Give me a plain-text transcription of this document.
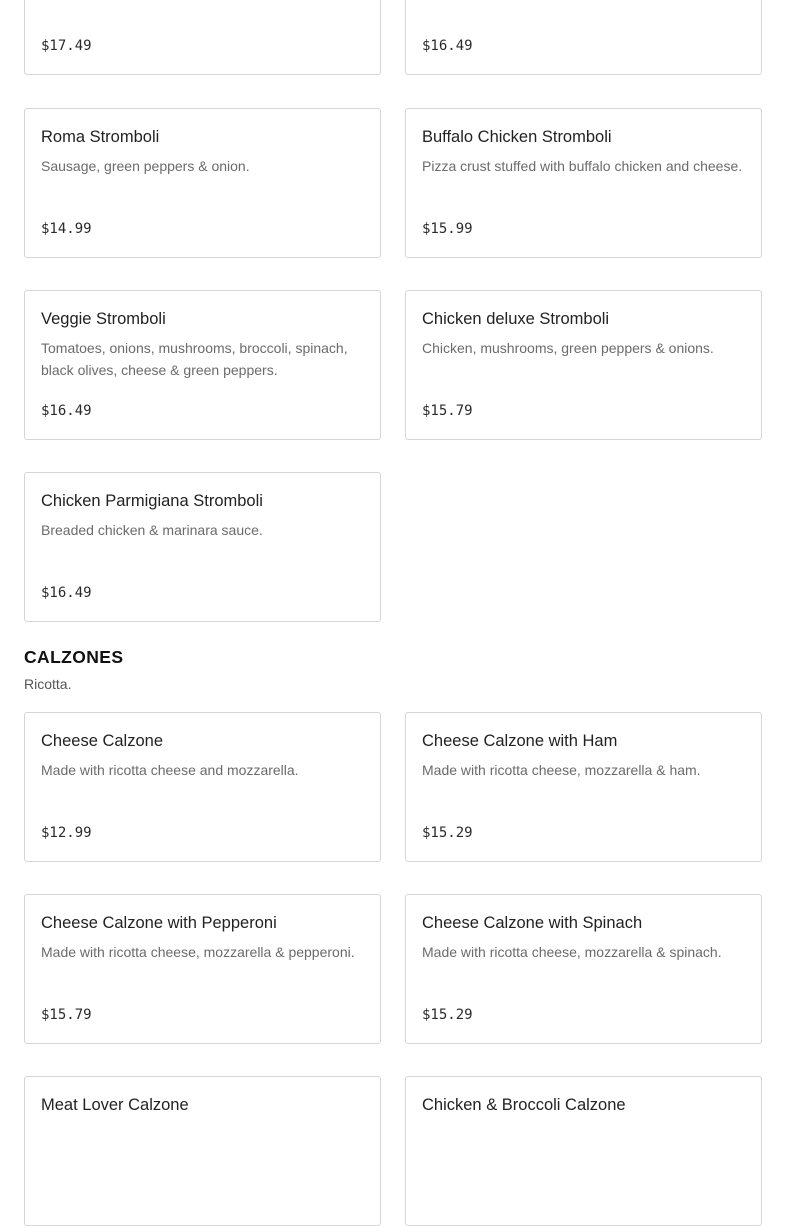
$17.49	$16.49
Roma Stromboli
Sausage, green peppers & onion.
$14.99
Buffalo Chicken Stromboli
Pizza crust stuffed with buffalo chicken and cheese.
$15.99
Veggie Stromboli
Tomatoes, onions, mushrooms, broccoli, spinach, black olives, cheese & green peppers.
$16.49
Chicken deluxe Stromboli
Chicken, mushrooms, green peppers & onions.
$15.79
Chicken Parmigiana Stromboli
Breaded chicken & marinara sauce.
$16.49
CALZONES
Ricotta.
Cheese Calzone
Made with ricotta cheese and mozzarella.
$12.99
Cheese Calzone with Ham
Made with ricotta cheese, mozzarella & ham.
$15.29
Cheese Calzone with Pepperoni
Made with ricotta cheese, mozzarella & pepperoni.
$15.79
Cheese Calzone with Spinach
Made with ricotta cheese, mozzarella & spinach.
$15.29
Meat Lover Calzone	Chicken & Broccoli Calzone
